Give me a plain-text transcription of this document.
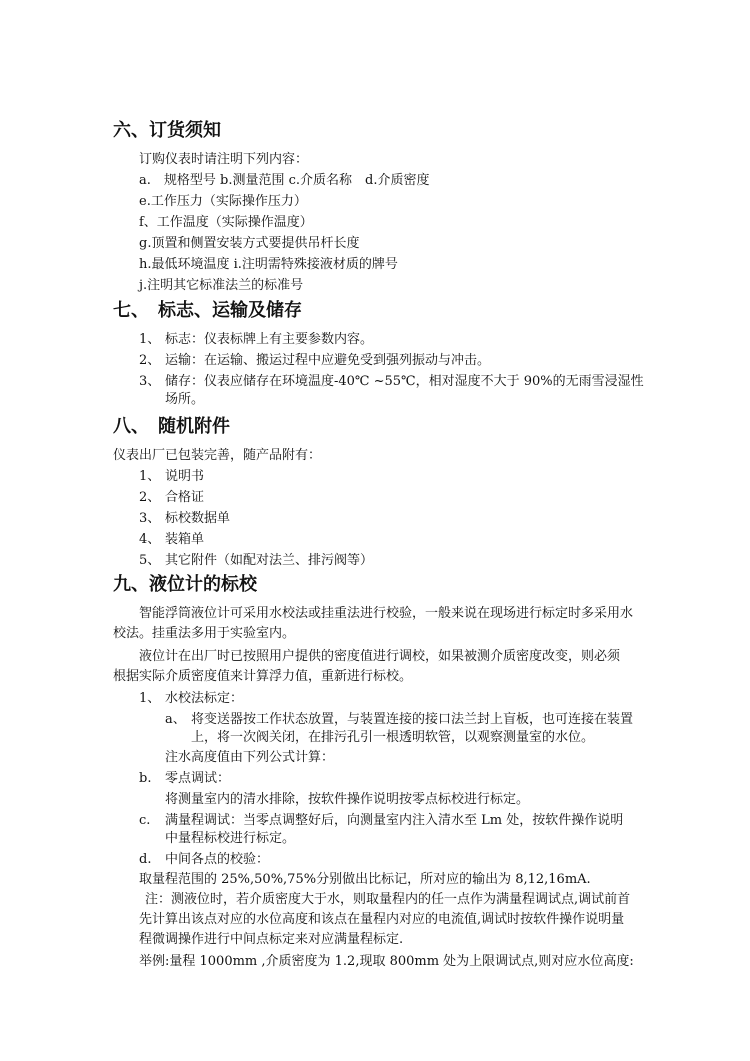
六、订货须知
订购仪表时请注明下列内容：
a.　规格型号 b.测量范围 c.介质名称　d.介质密度
e.工作压力（实际操作压力）
f、工作温度（实际操作温度）
g.顶置和侧置安装方式要提供吊杆长度
h.最低环境温度 i.注明需特殊接液材质的牌号
j.注明其它标准法兰的标准号
七、　标志、运输及储存
1、 标志：仪表标牌上有主要参数内容。
2、 运输：在运输、搬运过程中应避免受到强列振动与冲击。
3、 储存：仪表应储存在环境温度-40℃ ~55℃，相对湿度不大于 90%的无雨雪浸湿性
场所。
八、　随机附件
仪表出厂已包装完善，随产品附有：
1、 说明书
2、 合格证
3、 标校数据单
4、 装箱单
5、 其它附件（如配对法兰、排污阀等）
九、液位计的标校
智能浮筒液位计可采用水校法或挂重法进行校验，一般来说在现场进行标定时多采用水
校法。挂重法多用于实验室内。
液位计在出厂时已按照用户提供的密度值进行调校，如果被测介质密度改变，则必须
根据实际介质密度值来计算浮力值，重新进行标校。
1、 水校法标定：
a、 将变送器按工作状态放置，与装置连接的接口法兰封上盲板，也可连接在装置
上，将一次阀关闭，在排污孔引一根透明软管，以观察测量室的水位。
注水高度值由下列公式计算：
b. 零点调试：
将测量室内的清水排除，按软件操作说明按零点标校进行标定。
c. 满量程调试：当零点调整好后，向测量室内注入清水至 Lm 处，按软件操作说明
中量程标校进行标定。
d. 中间各点的校验：
取量程范围的 25%,50%,75%分别做出比标记，所对应的输出为 8,12,16mA.
注：测液位时，若介质密度大于水，则取量程内的任一点作为满量程调试点,调试前首
先计算出该点对应的水位高度和该点在量程内对应的电流值,调试时按软件操作说明量
程微调操作进行中间点标定来对应满量程标定.
举例:量程 1000mm ,介质密度为 1.2,现取 800mm 处为上限调试点,则对应水位高度:
